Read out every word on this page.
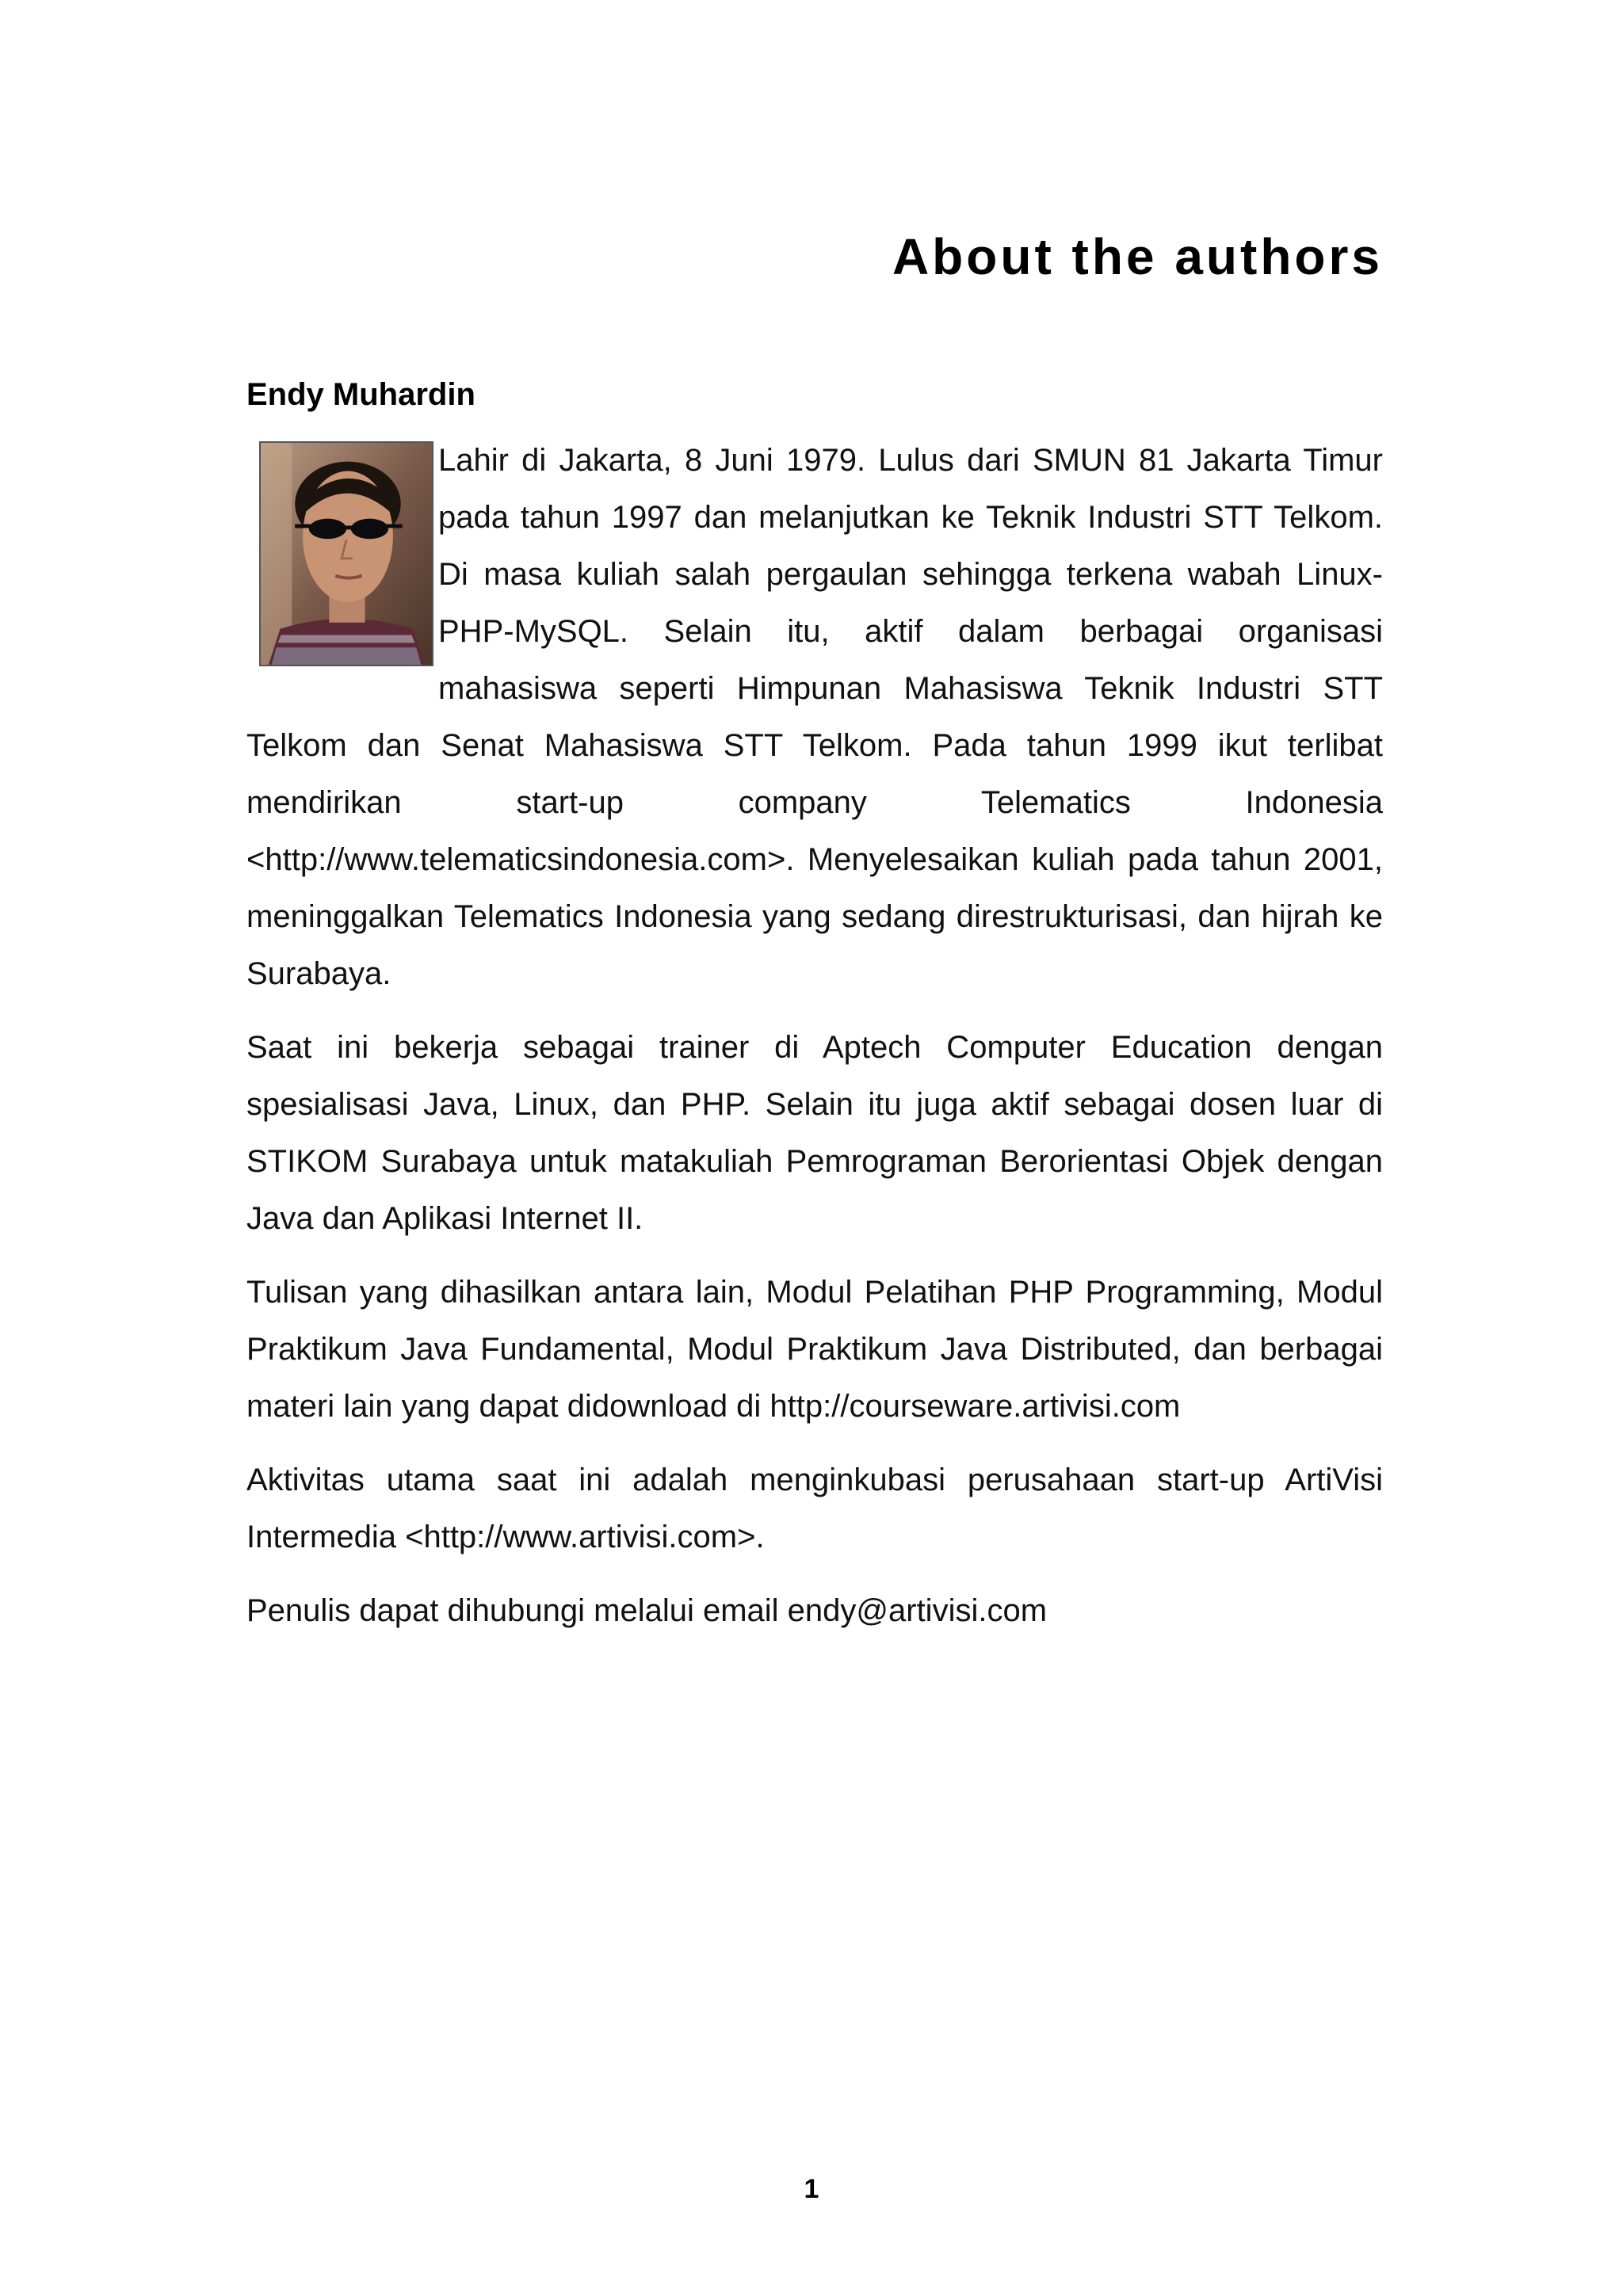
About the authors
Endy Muhardin

Lahir di Jakarta, 8 Juni 1979. Lulus dari SMUN 81 Jakarta Timur pada tahun 1997 dan melanjutkan ke Teknik Industri STT Telkom. Di masa kuliah salah pergaulan sehingga terkena wabah Linux-PHP-MySQL. Selain itu, aktif dalam berbagai organisasi mahasiswa seperti Himpunan Mahasiswa Teknik Industri STT Telkom dan Senat Mahasiswa STT Telkom. Pada tahun 1999 ikut terlibat mendirikan start-up company Telematics Indonesia <http://www.telematicsindonesia.com>. Menyelesaikan kuliah pada tahun 2001, meninggalkan Telematics Indonesia yang sedang direstrukturisasi, dan hijrah ke Surabaya.

Saat ini bekerja sebagai trainer di Aptech Computer Education dengan spesialisasi Java, Linux, dan PHP. Selain itu juga aktif sebagai dosen luar di STIKOM Surabaya untuk matakuliah Pemrograman Berorientasi Objek dengan Java dan Aplikasi Internet II.

Tulisan yang dihasilkan antara lain, Modul Pelatihan PHP Programming, Modul Praktikum Java Fundamental, Modul Praktikum Java Distributed, dan berbagai materi lain yang dapat didownload di http://courseware.artivisi.com

Aktivitas utama saat ini adalah menginkubasi perusahaan start-up ArtiVisi Intermedia <http://www.artivisi.com>.

Penulis dapat dihubungi melalui email endy@artivisi.com

1
